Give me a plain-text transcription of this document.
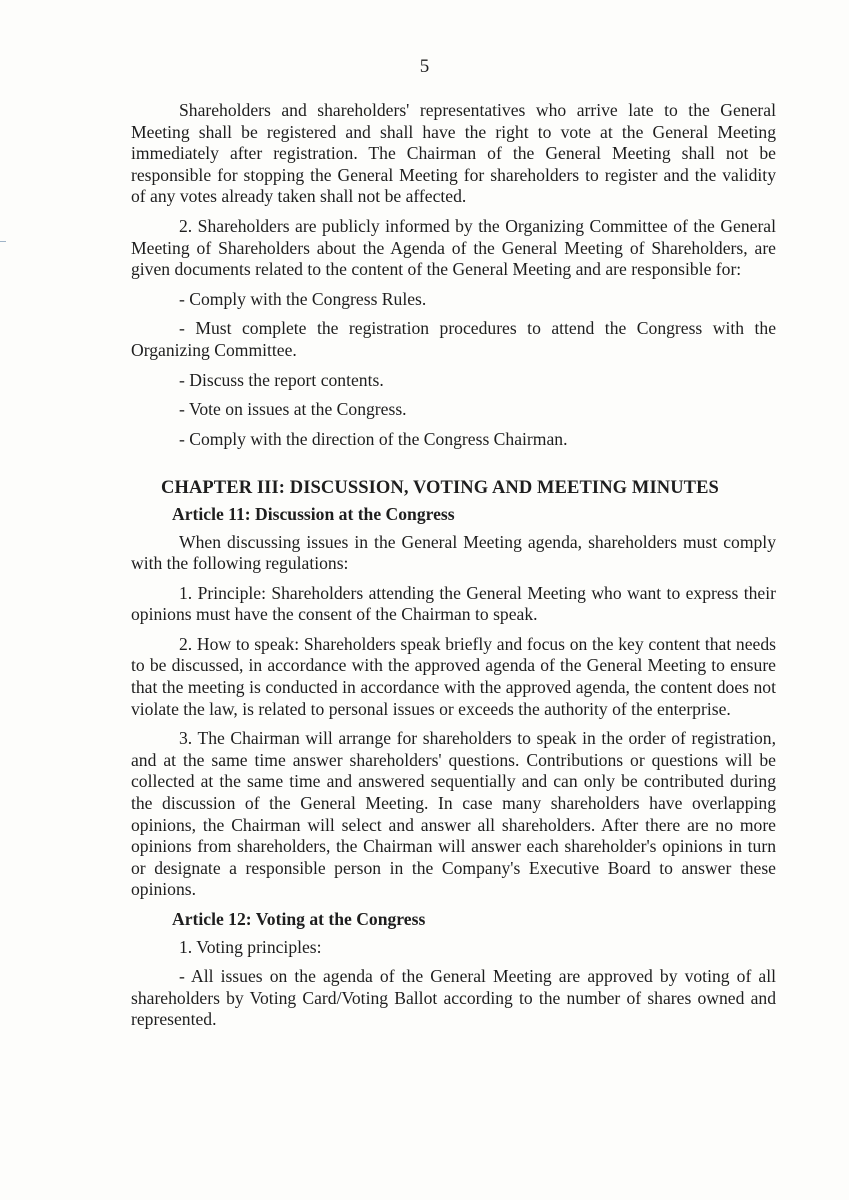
5

Shareholders and shareholders' representatives who arrive late to the General Meeting shall be registered and shall have the right to vote at the General Meeting immediately after registration. The Chairman of the General Meeting shall not be responsible for stopping the General Meeting for shareholders to register and the validity of any votes already taken shall not be affected.

2. Shareholders are publicly informed by the Organizing Committee of the General Meeting of Shareholders about the Agenda of the General Meeting of Shareholders, are given documents related to the content of the General Meeting and are responsible for:

- Comply with the Congress Rules.

- Must complete the registration procedures to attend the Congress with the Organizing Committee.

- Discuss the report contents.

- Vote on issues at the Congress.

- Comply with the direction of the Congress Chairman.

CHAPTER III: DISCUSSION, VOTING AND MEETING MINUTES
Article 11: Discussion at the Congress

When discussing issues in the General Meeting agenda, shareholders must comply with the following regulations:

1. Principle: Shareholders attending the General Meeting who want to express their opinions must have the consent of the Chairman to speak.

2. How to speak: Shareholders speak briefly and focus on the key content that needs to be discussed, in accordance with the approved agenda of the General Meeting to ensure that the meeting is conducted in accordance with the approved agenda, the content does not violate the law, is related to personal issues or exceeds the authority of the enterprise.

3. The Chairman will arrange for shareholders to speak in the order of registration, and at the same time answer shareholders' questions. Contributions or questions will be collected at the same time and answered sequentially and can only be contributed during the discussion of the General Meeting. In case many shareholders have overlapping opinions, the Chairman will select and answer all shareholders. After there are no more opinions from shareholders, the Chairman will answer each shareholder's opinions in turn or designate a responsible person in the Company's Executive Board to answer these opinions.

Article 12: Voting at the Congress

1. Voting principles:

- All issues on the agenda of the General Meeting are approved by voting of all shareholders by Voting Card/Voting Ballot according to the number of shares owned and represented.
